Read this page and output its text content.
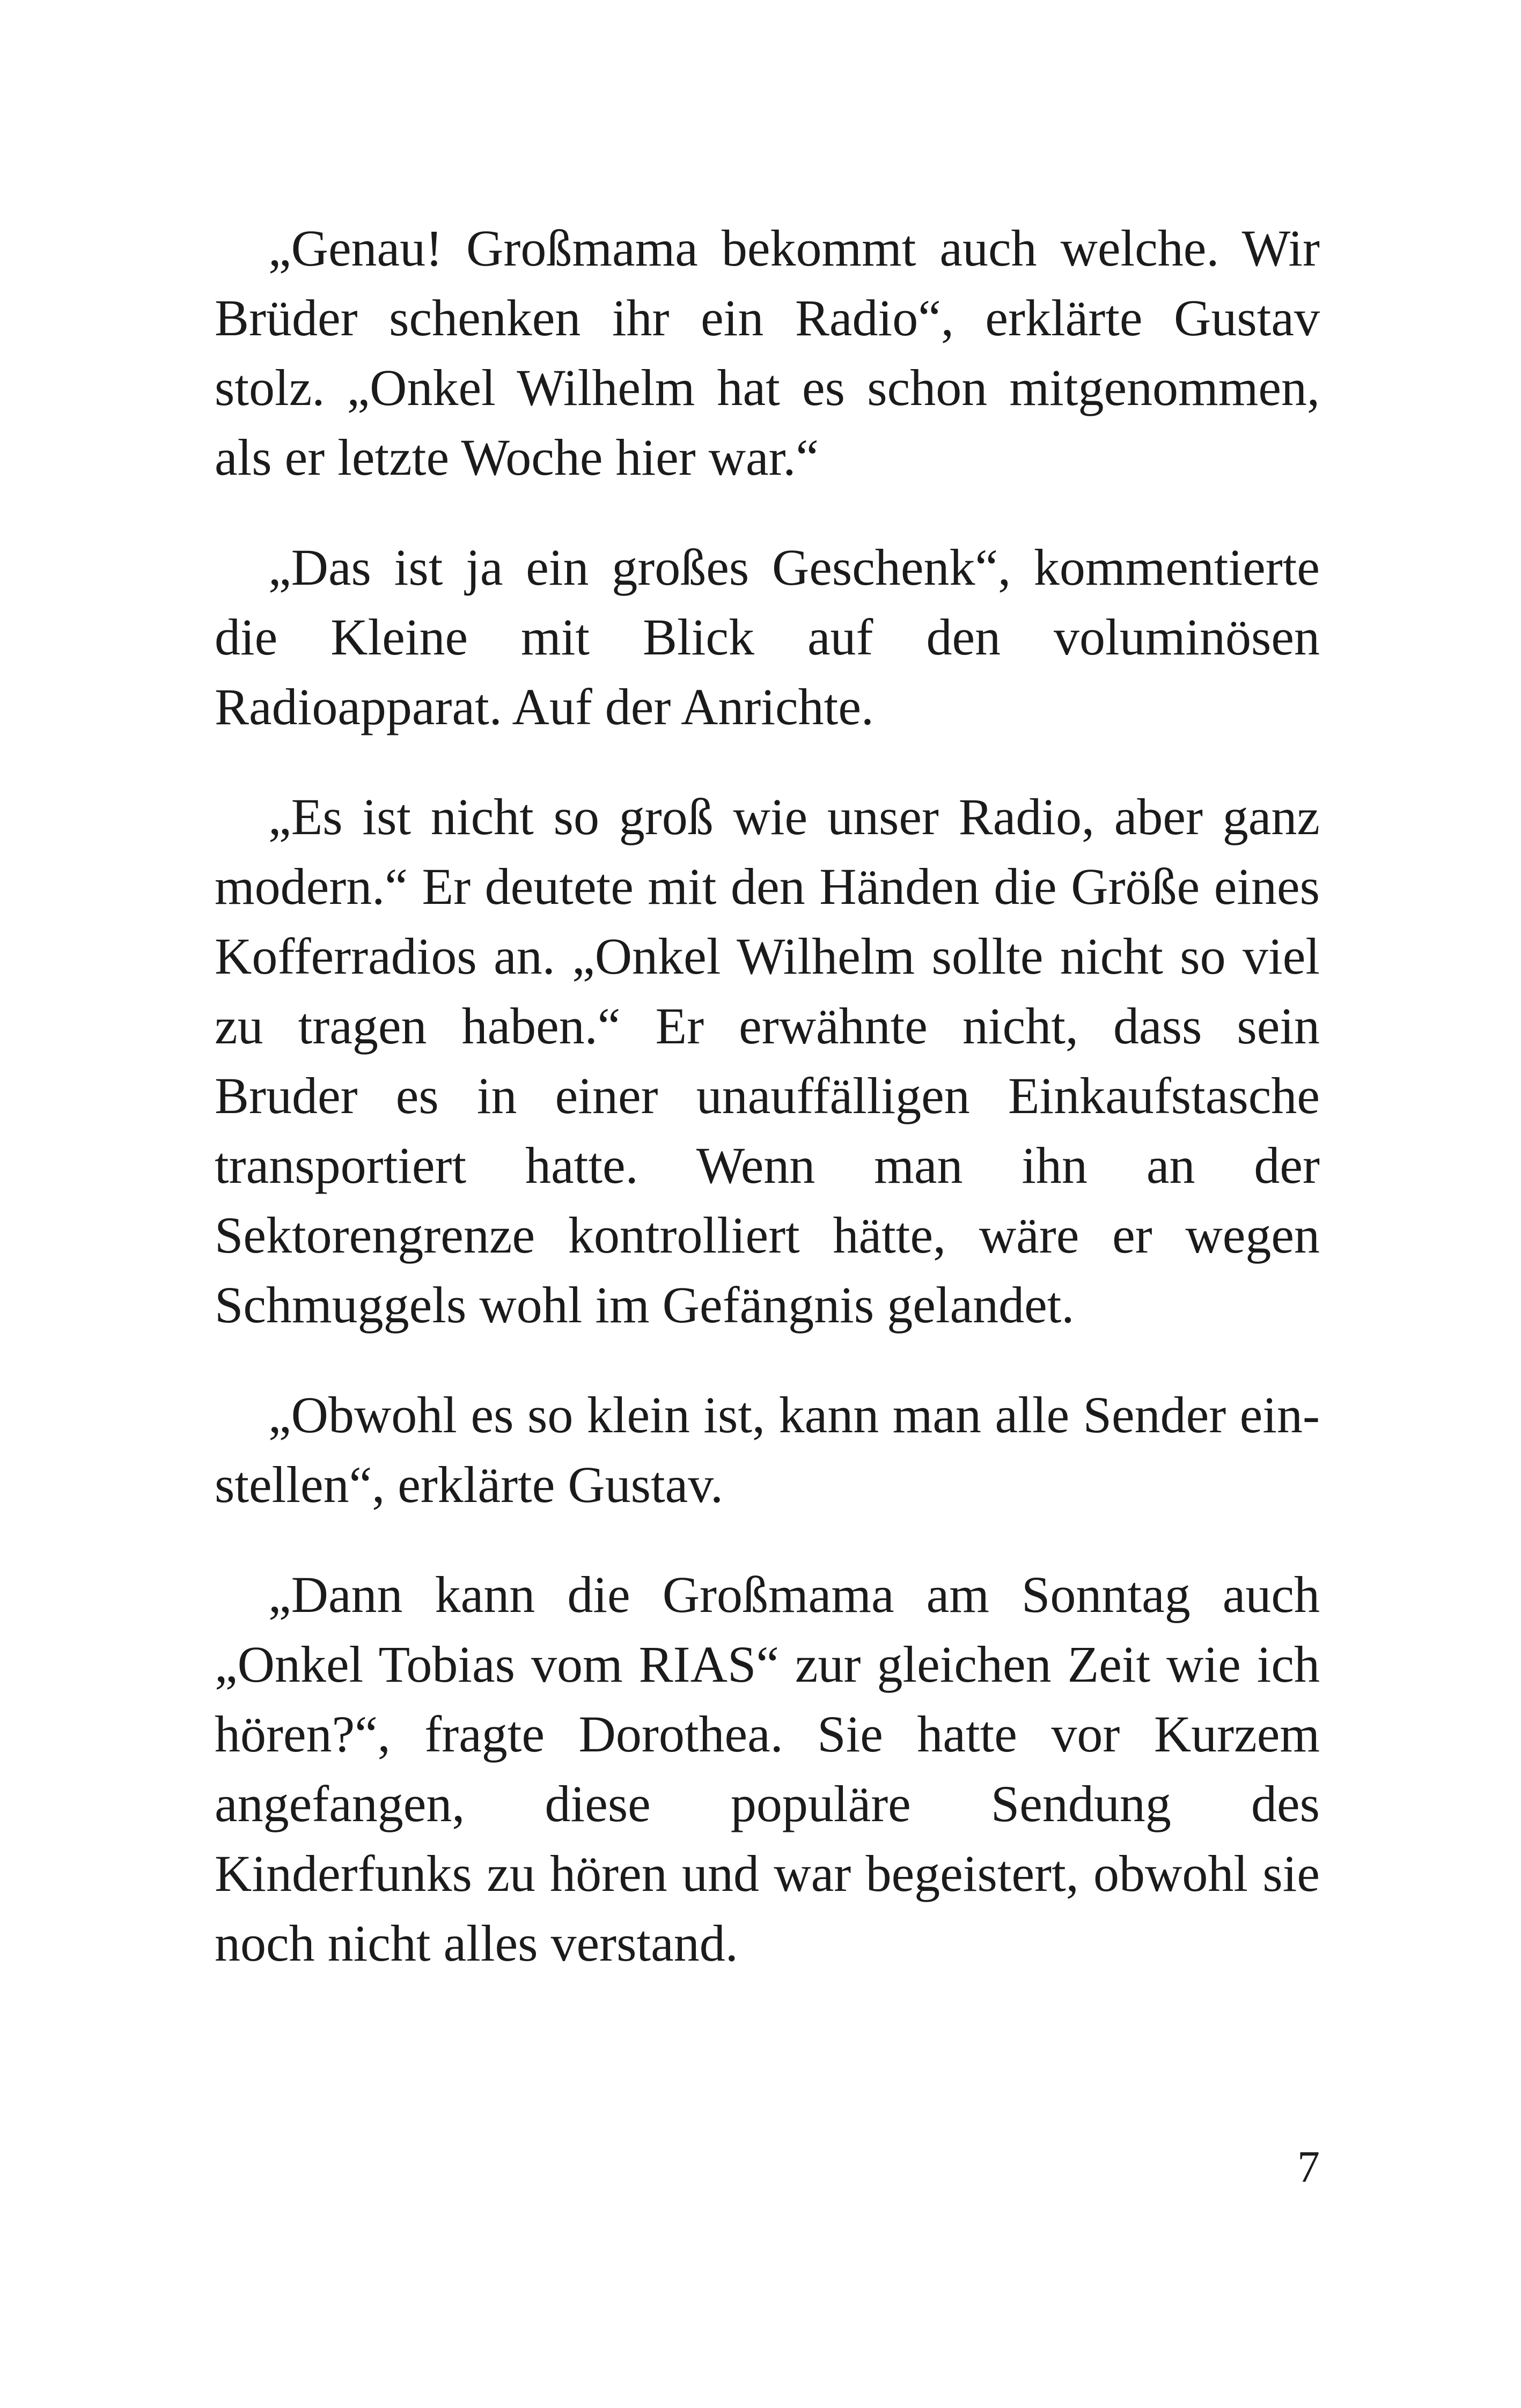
„Genau! Großmama bekommt auch welche. Wir Brüder schenken ihr ein Radio“, erklärte Gustav stolz. „Onkel Wilhelm hat es schon mitgenommen, als er letzte Woche hier war.“

„Das ist ja ein großes Geschenk“, kommentierte die Kleine mit Blick auf den voluminösen Radioapparat. Auf der Anrichte.

„Es ist nicht so groß wie unser Radio, aber ganz modern.“ Er deutete mit den Händen die Größe eines Kofferradios an. „Onkel Wilhelm sollte nicht so viel zu tragen haben.“ Er erwähnte nicht, dass sein Bruder es in einer unauffälligen Einkaufstasche transportiert hatte. Wenn man ihn an der Sektorengrenze kontrolliert hätte, wäre er wegen Schmuggels wohl im Gefängnis gelandet.

„Obwohl es so klein ist, kann man alle Sender einstellen“, erklärte Gustav.

„Dann kann die Großmama am Sonntag auch „Onkel Tobias vom RIAS“ zur gleichen Zeit wie ich hören?“, fragte Dorothea. Sie hatte vor Kurzem angefangen, diese populäre Sendung des Kinderfunks zu hören und war begeistert, obwohl sie noch nicht alles verstand.

7
